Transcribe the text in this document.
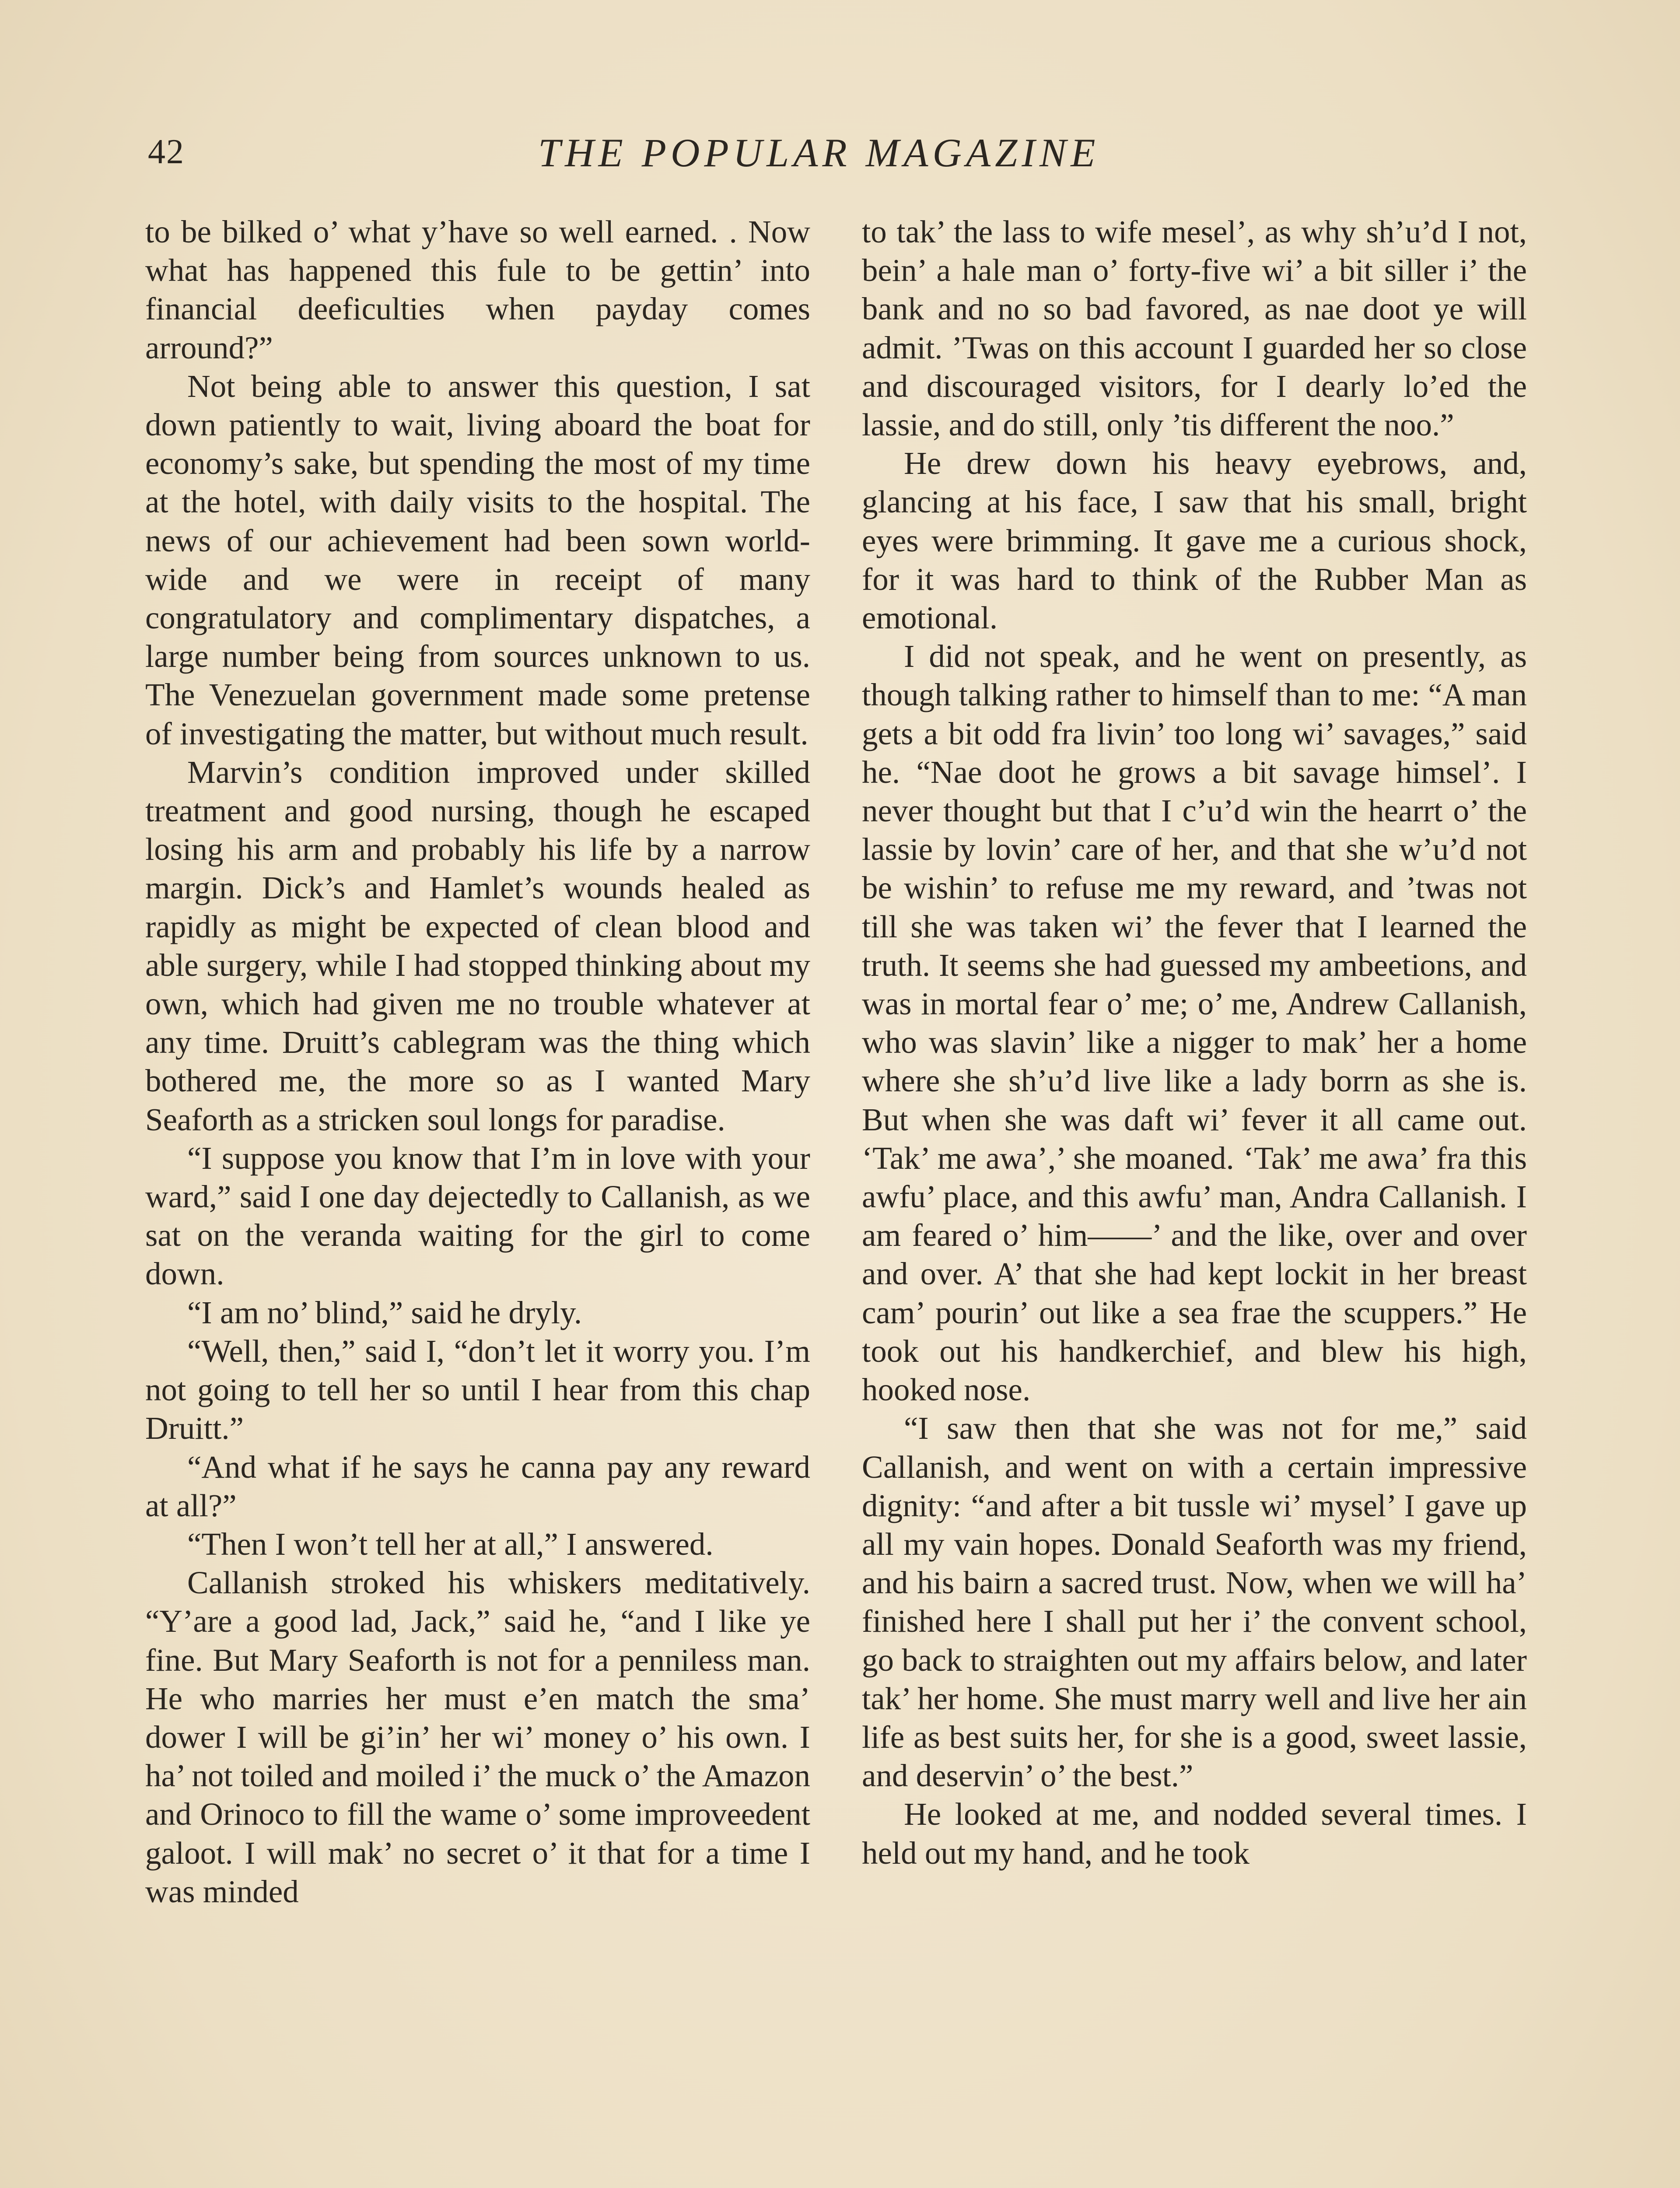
42	THE POPULAR MAGAZINE

to be bilked o’ what y’have so well earned. . Now what has happened this fule to be gettin’ into financial deeficulties when payday comes arround?”

Not being able to answer this question, I sat down patiently to wait, living aboard the boat for economy’s sake, but spending the most of my time at the hotel, with daily visits to the hospital. The news of our achievement had been sown world-wide and we were in receipt of many congratulatory and complimentary dispatches, a large number being from sources unknown to us. The Venezuelan government made some pretense of investigating the matter, but without much result.

Marvin’s condition improved under skilled treatment and good nursing, though he escaped losing his arm and probably his life by a narrow margin. Dick’s and Hamlet’s wounds healed as rapidly as might be expected of clean blood and able surgery, while I had stopped thinking about my own, which had given me no trouble whatever at any time. Druitt’s cablegram was the thing which bothered me, the more so as I wanted Mary Seaforth as a stricken soul longs for paradise.

“I suppose you know that I’m in love with your ward,” said I one day dejectedly to Callanish, as we sat on the veranda waiting for the girl to come down.

“I am no’ blind,” said he dryly.

“Well, then,” said I, “don’t let it worry you. I’m not going to tell her so until I hear from this chap Druitt.”

“And what if he says he canna pay any reward at all?”

“Then I won’t tell her at all,” I answered.

Callanish stroked his whiskers meditatively. “Y’are a good lad, Jack,” said he, “and I like ye fine. But Mary Seaforth is not for a penniless man. He who marries her must e’en match the sma’ dower I will be gi’in’ her wi’ money o’ his own. I ha’ not toiled and moiled i’ the muck o’ the Amazon and Orinoco to fill the wame o’ some improveedent galoot. I will mak’ no secret o’ it that for a time I was minded

to tak’ the lass to wife mesel’, as why sh’u’d I not, bein’ a hale man o’ forty-five wi’ a bit siller i’ the bank and no so bad favored, as nae doot ye will admit. ’Twas on this account I guarded her so close and discouraged visitors, for I dearly lo’ed the lassie, and do still, only ’tis different the noo.”

He drew down his heavy eyebrows, and, glancing at his face, I saw that his small, bright eyes were brimming. It gave me a curious shock, for it was hard to think of the Rubber Man as emotional.

I did not speak, and he went on presently, as though talking rather to himself than to me: “A man gets a bit odd fra livin’ too long wi’ savages,” said he. “Nae doot he grows a bit savage himsel’. I never thought but that I c’u’d win the hearrt o’ the lassie by lovin’ care of her, and that she w’u’d not be wishin’ to refuse me my reward, and ’twas not till she was taken wi’ the fever that I learned the truth. It seems she had guessed my ambeetions, and was in mortal fear o’ me; o’ me, Andrew Callanish, who was slavin’ like a nigger to mak’ her a home where she sh’u’d live like a lady borrn as she is. But when she was daft wi’ fever it all came out. ‘Tak’ me awa’,’ she moaned. ‘Tak’ me awa’ fra this awfu’ place, and this awfu’ man, Andra Callanish. I am feared o’ him——’ and the like, over and over and over. A’ that she had kept lockit in her breast cam’ pourin’ out like a sea frae the scuppers.” He took out his handkerchief, and blew his high, hooked nose.

“I saw then that she was not for me,” said Callanish, and went on with a certain impressive dignity: “and after a bit tussle wi’ mysel’ I gave up all my vain hopes. Donald Seaforth was my friend, and his bairn a sacred trust. Now, when we will ha’ finished here I shall put her i’ the convent school, go back to straighten out my affairs below, and later tak’ her home. She must marry well and live her ain life as best suits her, for she is a good, sweet lassie, and deservin’ o’ the best.”

He looked at me, and nodded several times. I held out my hand, and he took
